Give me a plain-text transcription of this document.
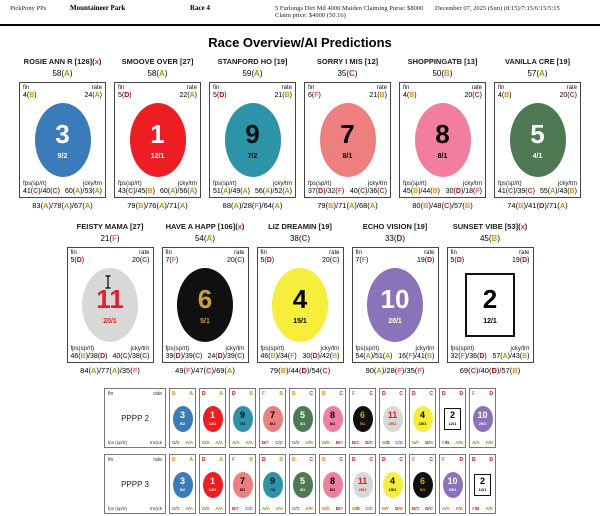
PickPony PPs	Mountaineer Park	Race 4	5 Furlongs Dirt Md 4000 Maiden Claiming Purse: $8000 Claim price: $4000 (50.16)
December 07, 2025 (Sun) (8:15)/7:15/6:15/5:15
Race Overview/AI Predictions
ROSIE ANN R [126](x)
58(A)
fin	rate
4(B)	24(A)
3
9/2
fps(sp/rt)	jcky/trn
41(C)/40(C) 60(A)/53(A)
83(A)/78(A)/67(A)
SMOOVE OVER [27]
58(A)
fin	rate
5(D)	22(A)
1
12/1
fps(sp/rt)	jcky/trn
43(C)/45(B) 60(A)/56(A)
79(B)/76(A)/71(A)
STANFORD HO [19]
59(A)
fin	rate
5(D)	21(B)
9
7/2
fps(sp/rt)	jcky/trn
51(A)/49(A) 56(A)/52(A)
88(A)/28(F)/64(A)
SORRY I MIS [12]
35(C)
fin	rate
6(F)	21(B)
7
8/1
fps(sp/rt)	jcky/trn
37(D)/32(F) 40(C)/36(C)
79(B)/71(A)/68(A)
SHOPPINGATB [13]
50(B)
fin	rate
4(B)	20(C)
8
8/1
fps(sp/rt)	jcky/trn
45(B)/44(B) 30(D)/18(F)
80(B)/48(C)/57(B)
VANILLA CRE [19]
57(A)
fin	rate
4(B)	20(C)
5
4/1
fps(sp/rt)	jcky/trn
41(C)/39(C) 55(A)/43(B)
74(B)/41(D)/71(A)
FEISTY MAMA [27]
21(F)
fin	rate
5(D)	20(C)
11
20/1
fps(sp/rt)	jcky/trn
46(B)/38(D) 40(C)/38(C)
84(A)/77(A)/35(F)
HAVE A HAPP [106](x)
54(A)
fin	rate
7(F)	20(C)
6
5/1
fps(sp/rt)	jcky/trn
39(D)/39(C) 24(D)/39(C)
49(F)/47(C)/69(A)
LIZ DREAMIN [19]
38(C)
fin	rate
5(D)	20(C)
4
15/1
fps(sp/rt)	jcky/trn
46(B)/34(F) 30(D)/42(B)
79(B)/44(D)/54(C)
ECHO VISION [19]
33(D)
fin	rate
7(F)	19(D)
10
20/1
fps(sp/rt)	jcky/trn
54(A)/51(A) 16(F)/41(B)
90(A)/28(F)/35(F)
SUNSET VIBE [53](x)
45(B)
fin	rate
5(D)	19(D)
2
12/1
fps(sp/rt)	jcky/trn
32(F)/36(D) 57(A)/43(B)
69(C)/40(D)/57(B)
fin	rate
PPPP 2
fps (sp/rt)	trn/jck
B	A
3
9/2
C/C A/A
D	A
1
12/1
C/B A/A
D	B
9
7/2
A/A A/A
F	B
7
8/1
D/F C/C
B	C
5
4/1
C/C A/B
B	C
8
8/1
B/B D/F
F	C
6
5/1
D/C D/C
D	C
11
20/1
B/D C/C
D	C
4
15/1
B/F D/B
D	D
2
12/1
F/D A/B
F	D
10
20/1
A/A F/B
fin	rate
PPPP 3
fps (sp/rt)	trn/jck
B	A
3
9/2
C/C A/A
D	A
1
12/1
C/B A/A
F	B
7
8/1
D/F C/C
D	B
9
7/2
A/A A/A
B	C
5
4/1
C/C A/B
B	C
8
8/1
B/B D/F
D	C
11
20/1
B/D C/C
D	C
4
15/1
B/F D/B
F	C
6
5/1
D/C D/C
F	D
10
20/1
A/A F/B
D	D
2
12/1
F/D A/B
